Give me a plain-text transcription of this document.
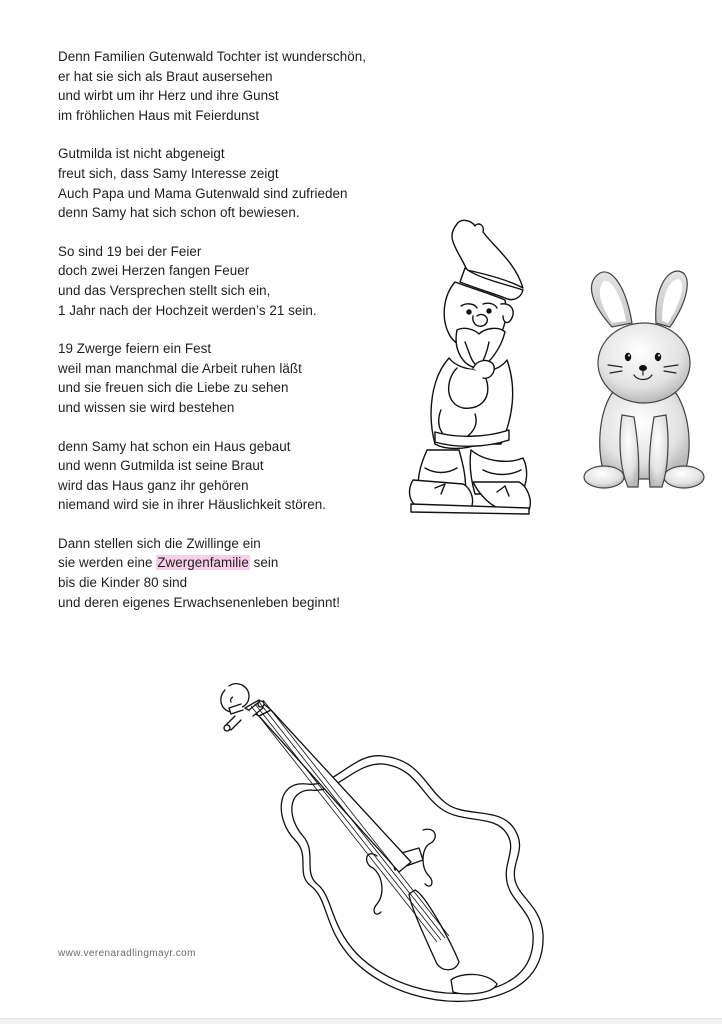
Denn Familien Gutenwald Tochter ist wunderschön,
er hat sie sich als Braut ausersehen
und wirbt um ihr Herz und ihre Gunst
im fröhlichen Haus mit Feierdunst
Gutmilda ist nicht abgeneigt
freut sich, dass Samy Interesse zeigt
Auch Papa und Mama Gutenwald sind zufrieden
denn Samy hat sich schon oft bewiesen.
So sind 19 bei der Feier
doch zwei Herzen fangen Feuer
und das Versprechen stellt sich ein,
1 Jahr nach der Hochzeit werden’s 21 sein.
19 Zwerge feiern ein Fest
weil man manchmal die Arbeit ruhen läßt
und sie freuen sich die Liebe zu sehen
und wissen sie wird bestehen
denn Samy hat schon ein Haus gebaut
und wenn Gutmilda ist seine Braut
wird das Haus ganz ihr gehören
niemand wird sie in ihrer Häuslichkeit stören.
Dann stellen sich die Zwillinge ein
sie werden eine Zwergenfamilie sein
bis die Kinder 80 sind
und deren eigenes Erwachsenenleben beginnt!
www.verenaradlingmayr.com
